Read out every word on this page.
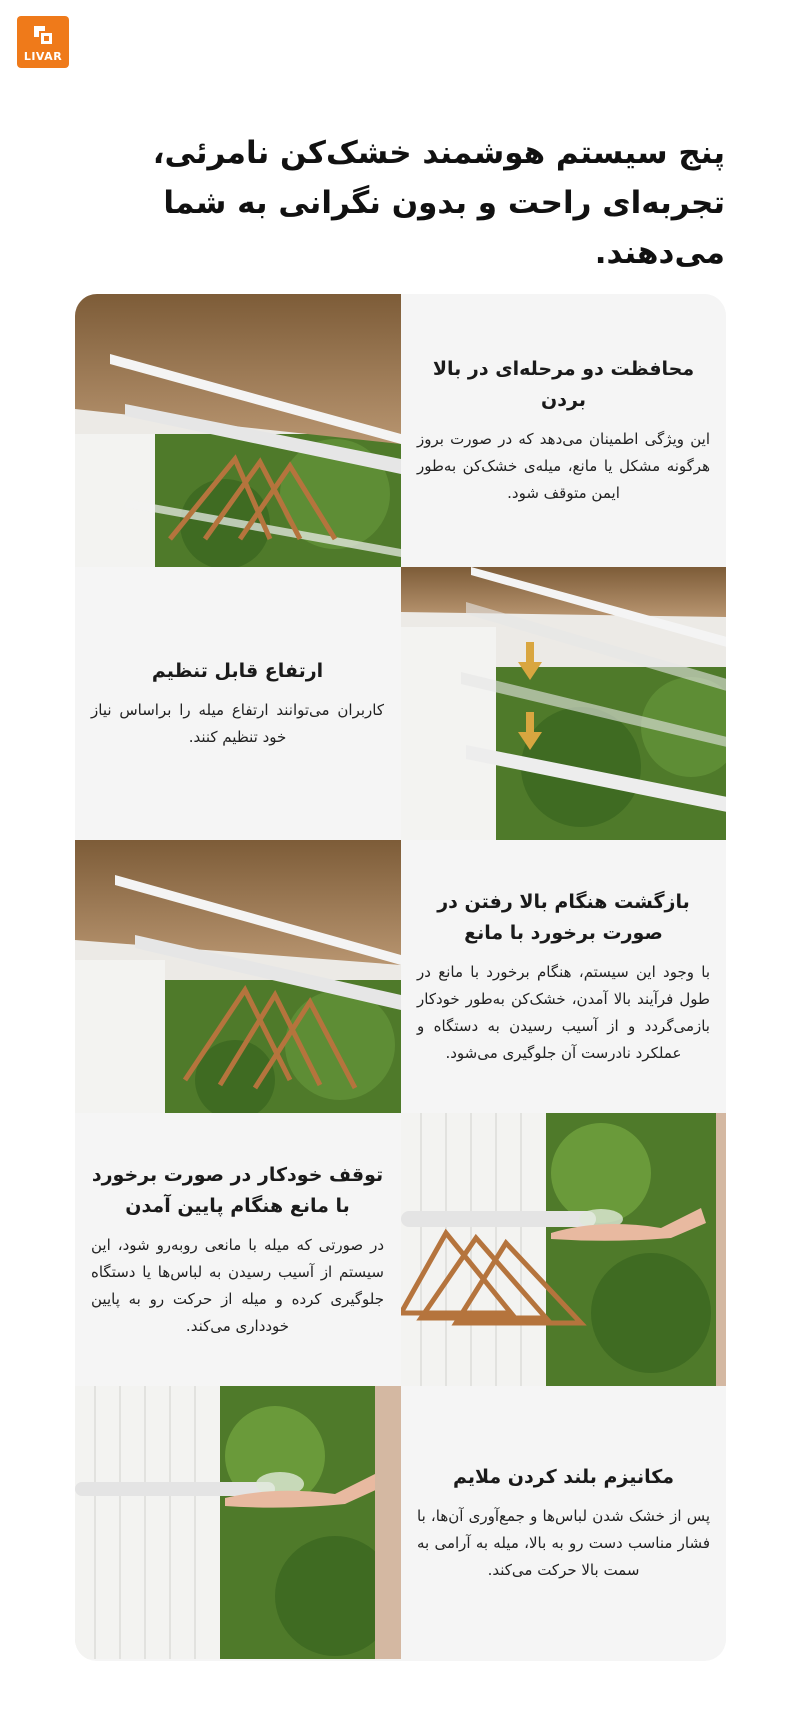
LIVAR
پنج سیستم هوشمند خشک‌کن نامرئی، تجربه‌ای راحت و بدون نگرانی به شما می‌دهند.
محافظت دو مرحله‌ای در بالا بردن
این ویژگی اطمینان می‌دهد که در صورت بروز هرگونه مشکل یا مانع، میله‌ی خشک‌کن به‌طور ایمن متوقف شود.
ارتفاع قابل تنظیم
کاربران می‌توانند ارتفاع میله را براساس نیاز خود تنظیم کنند.
بازگشت هنگام بالا رفتن در صورت برخورد با مانع
با وجود این سیستم، هنگام برخورد با مانع در طول فرآیند بالا آمدن، خشک‌کن به‌طور خودکار بازمی‌گردد و از آسیب رسیدن به دستگاه و عملکرد نادرست آن جلوگیری می‌شود.
توقف خودکار در صورت برخورد با مانع هنگام پایین آمدن
در صورتی که میله با مانعی روبه‌رو شود، این سیستم از آسیب رسیدن به لباس‌ها یا دستگاه جلوگیری کرده و میله از حرکت رو به پایین خودداری می‌کند.
مکانیزم بلند کردن ملایم
پس از خشک شدن لباس‌ها و جمع‌آوری آن‌ها، با فشار مناسب دست رو به بالا، میله به آرامی به سمت بالا حرکت می‌کند.
